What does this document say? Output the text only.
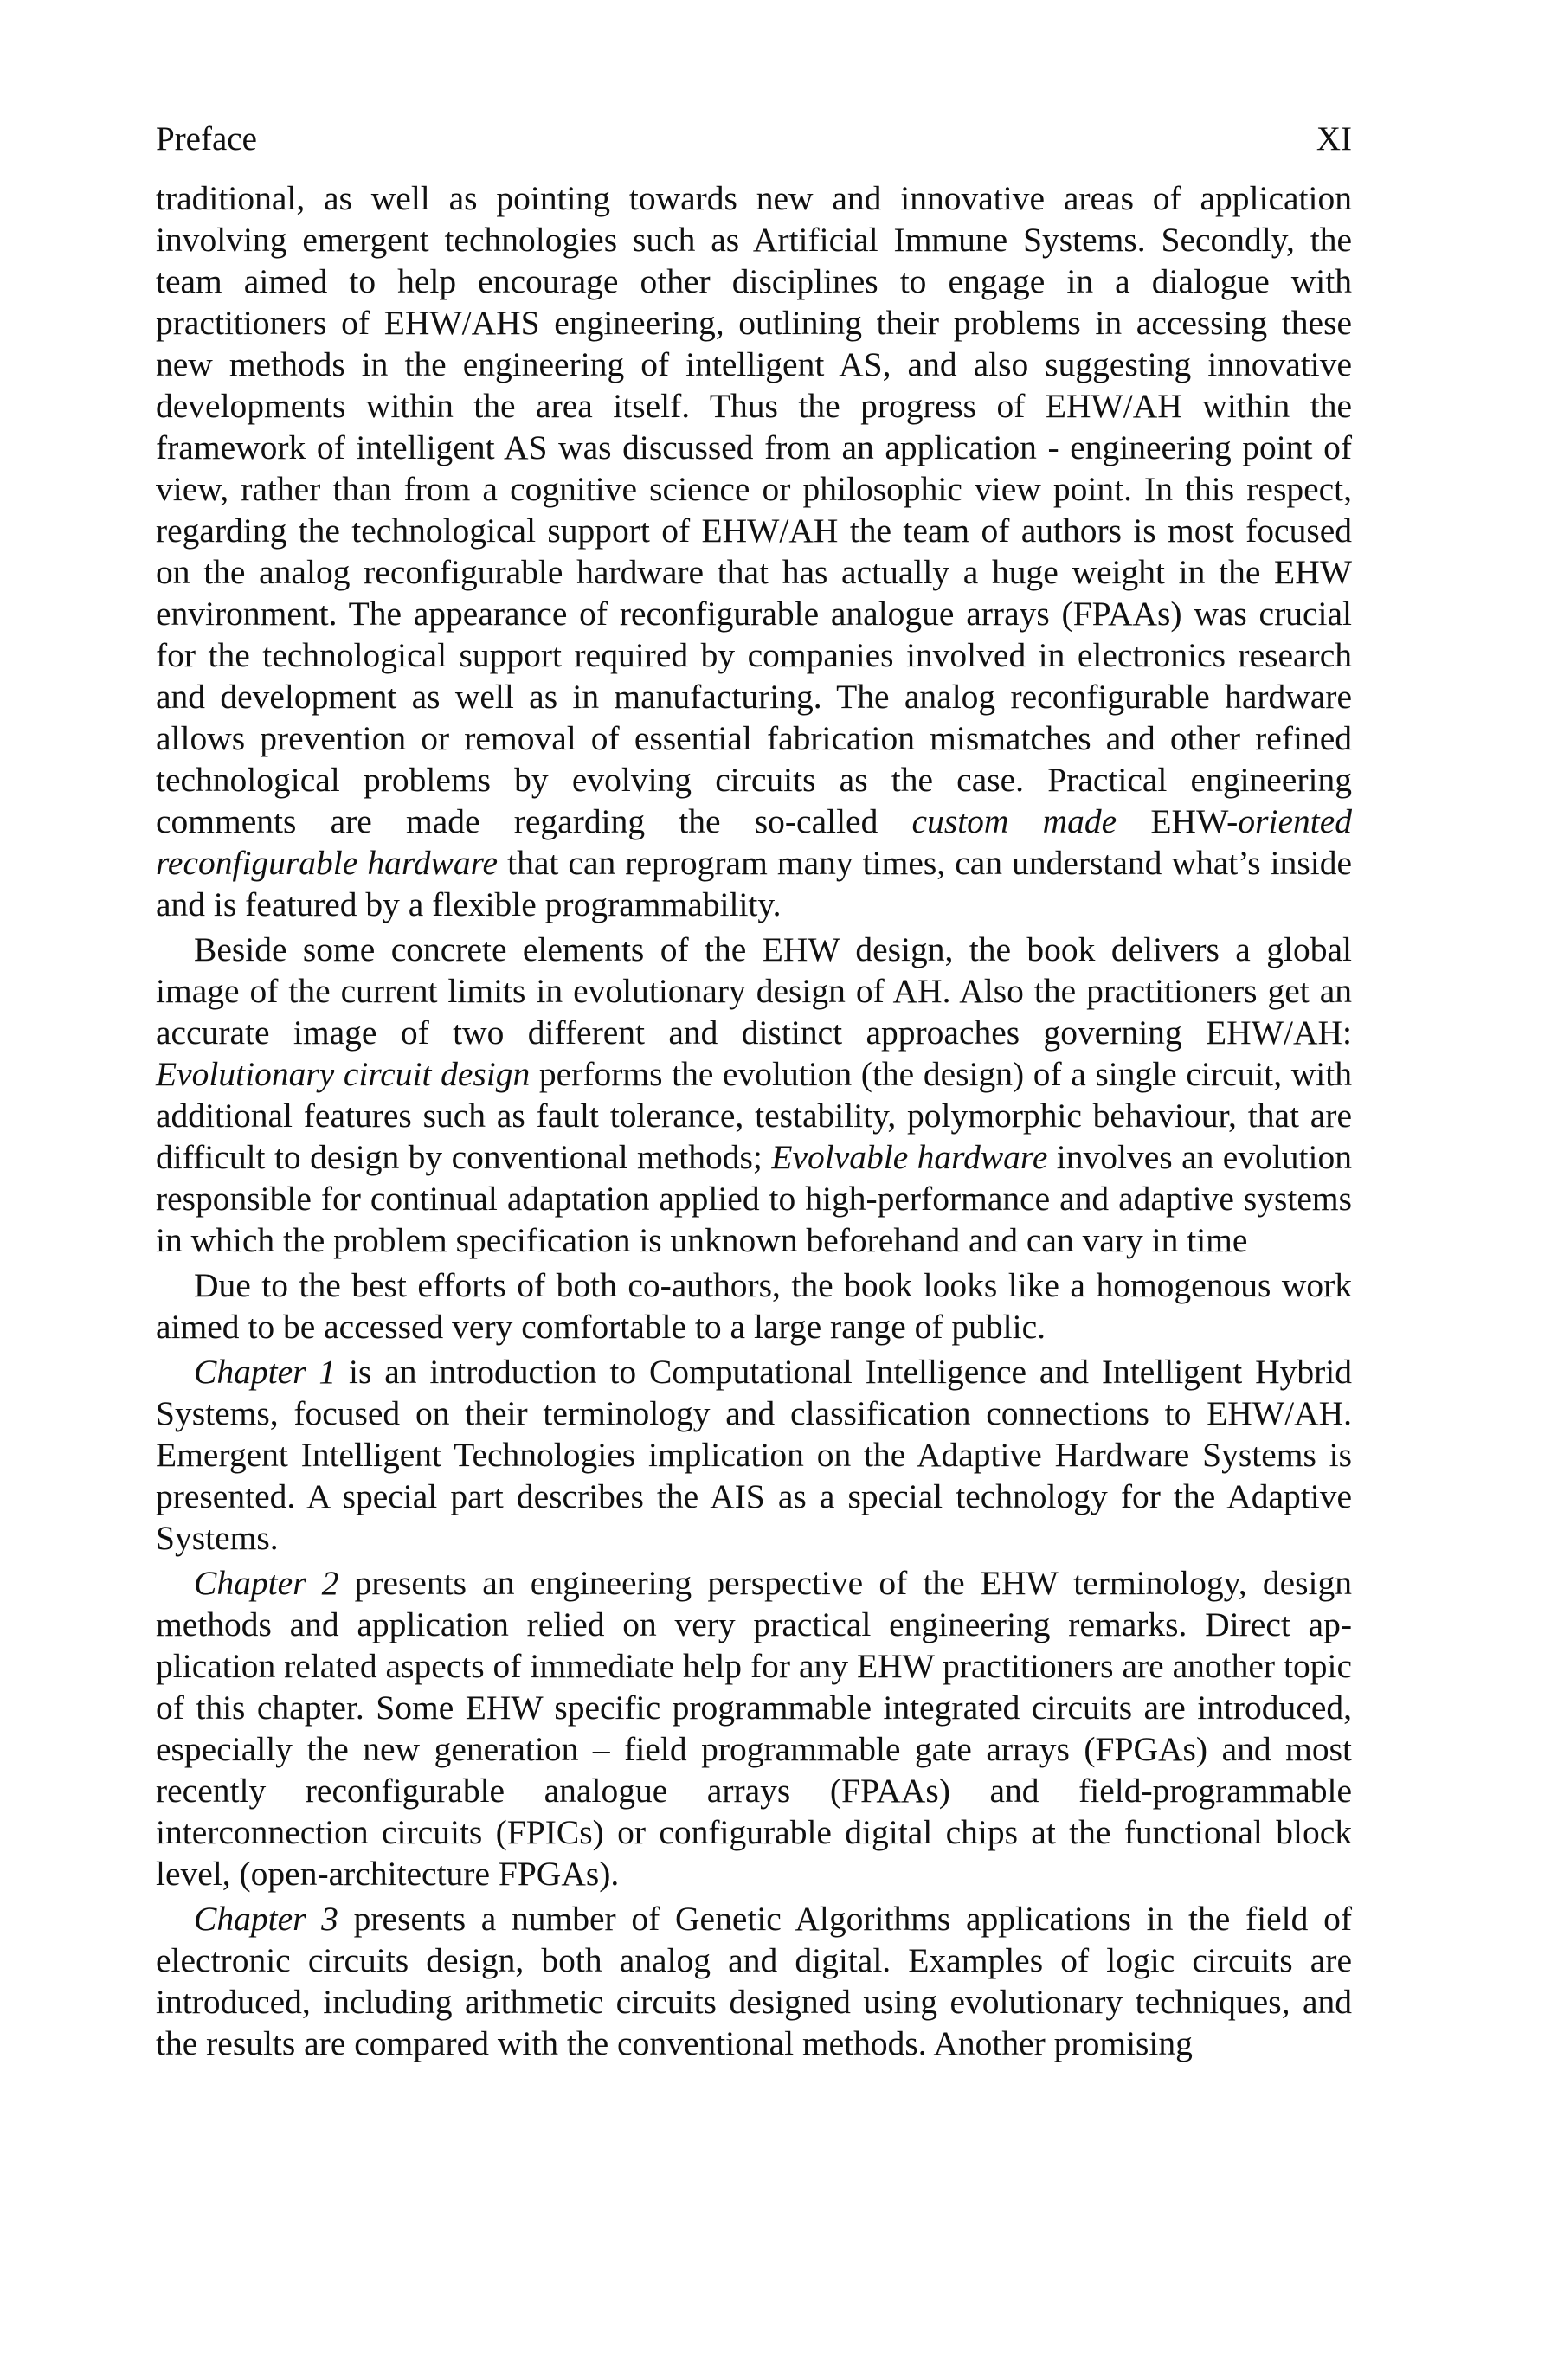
Preface	XI

traditional, as well as pointing towards new and innovative areas of application involving emergent technologies such as Artificial Immune Systems. Secondly, the team aimed to help encourage other disciplines to engage in a dialogue with practitioners of EHW/AHS engineering, outlining their problems in accessing these new methods in the engineering of intelligent AS, and also suggesting innovative developments within the area itself. Thus the progress of EHW/AH within the framework of intelligent AS was discussed from an application - engineering point of view, rather than from a cognitive science or philosophic view point. In this respect, regarding the technological support of EHW/AH the team of authors is most focused on the analog reconfigurable hardware that has actually a huge weight in the EHW environment. The appearance of reconfigurable analogue arrays (FPAAs) was crucial for the technological support required by companies involved in electronics research and development as well as in manufacturing. The analog reconfigurable hardware allows prevention or removal of essential fabrication mismatches and other refined technological problems by evolving circuits as the case. Practical engineering comments are made regarding the so-called custom made EHW-oriented reconfigurable hardware that can reprogram many times, can understand what’s inside and is featured by a flexible programmability.

Beside some concrete elements of the EHW design, the book delivers a global image of the current limits in evolutionary design of AH. Also the practitioners get an accurate image of two different and distinct approaches governing EHW/AH: Evolutionary circuit design performs the evolution (the design) of a single circuit, with additional features such as fault tolerance, testability, polymorphic behaviour, that are difficult to design by conventional methods; Evolvable hardware involves an evolution responsible for continual adaptation applied to high-performance and adaptive systems in which the problem specification is unknown beforehand and can vary in time

Due to the best efforts of both co-authors, the book looks like a homogenous work aimed to be accessed very comfortable to a large range of public.

Chapter 1 is an introduction to Computational Intelligence and Intelligent Hybrid Systems, focused on their terminology and classification connections to EHW/AH. Emergent Intelligent Technologies implication on the Adaptive Hardware Systems is presented. A special part describes the AIS as a special technology for the Adaptive Systems.

Chapter 2 presents an engineering perspective of the EHW terminology, design methods and application relied on very practical engineering remarks. Direct application related aspects of immediate help for any EHW practitioners are another topic of this chapter. Some EHW specific programmable integrated circuits are introduced, especially the new generation – field programmable gate arrays (FPGAs) and most recently reconfigurable analogue arrays (FPAAs) and field-programmable interconnection circuits (FPICs) or configurable digital chips at the functional block level, (open-architecture FPGAs).

Chapter 3 presents a number of Genetic Algorithms applications in the field of electronic circuits design, both analog and digital. Examples of logic circuits are introduced, including arithmetic circuits designed using evolutionary techniques, and the results are compared with the conventional methods. Another promising
